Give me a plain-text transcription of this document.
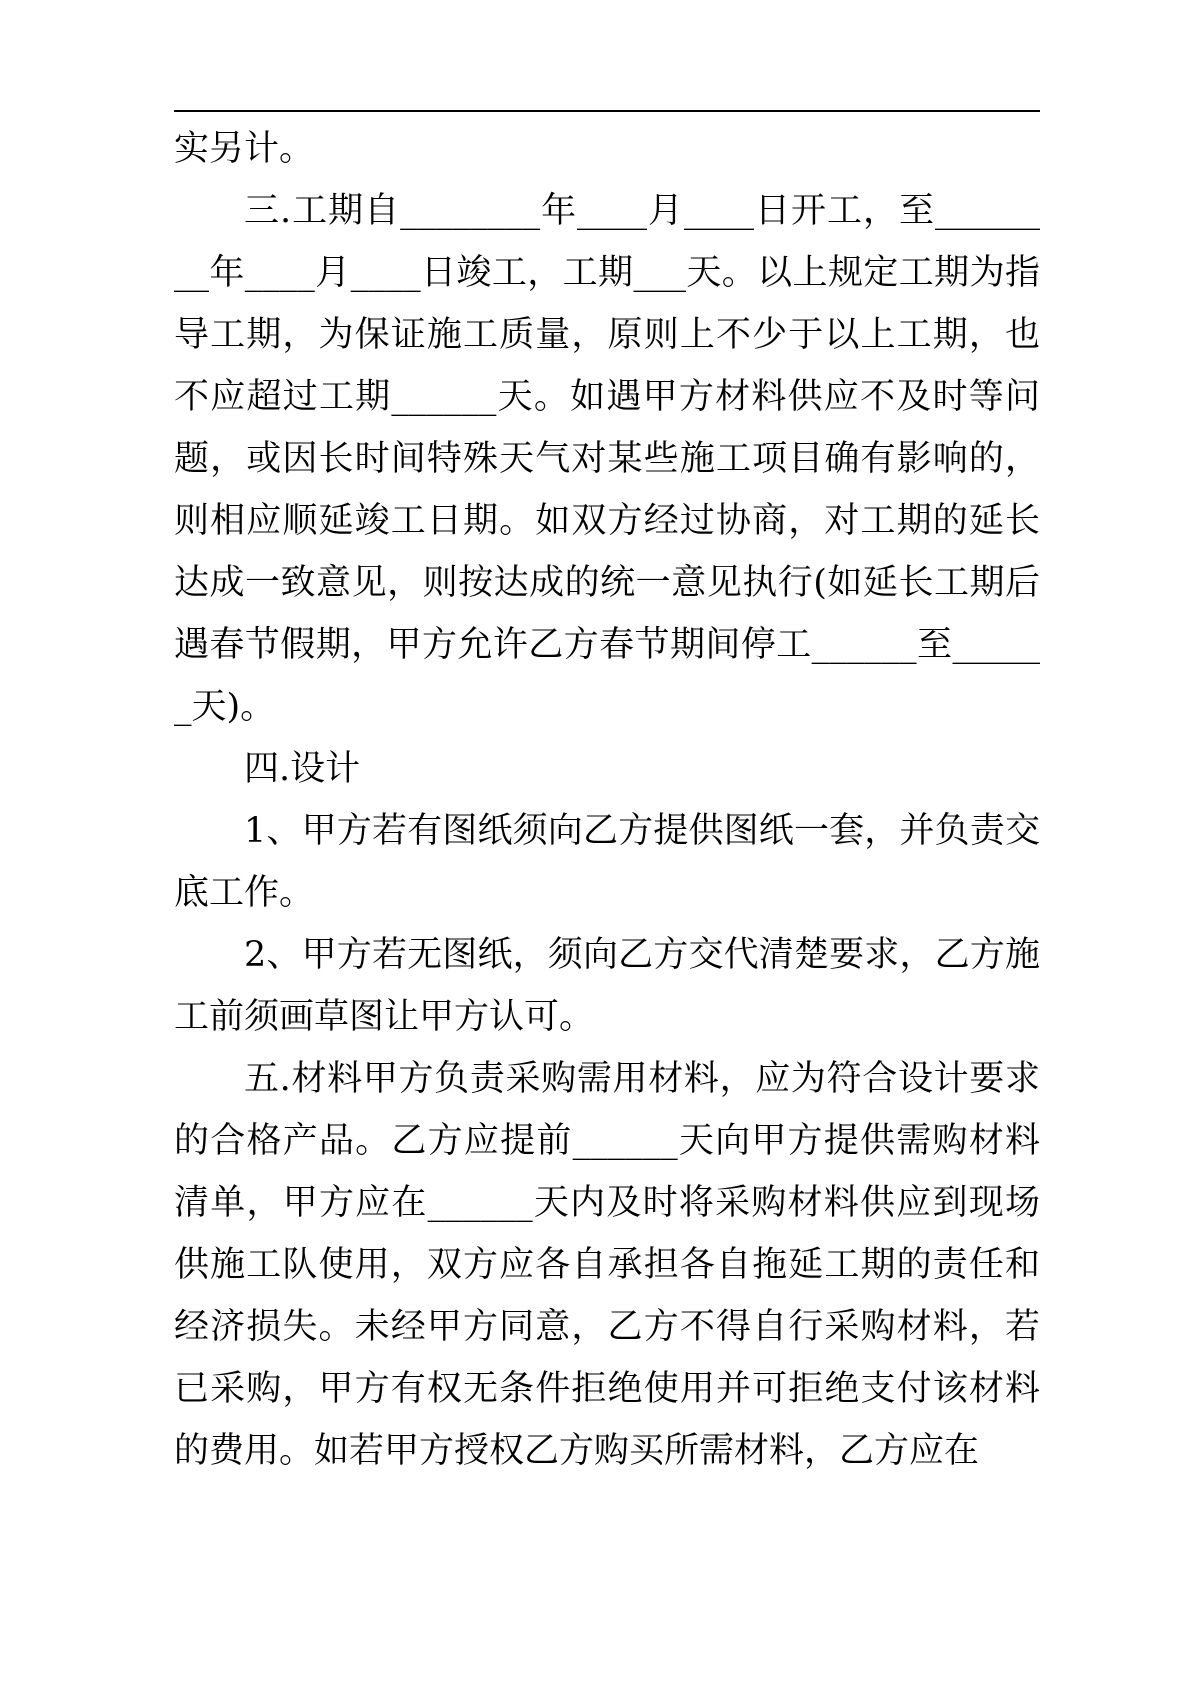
实另计。

三.工期自________年____月____日开工，至________年____月____日竣工，工期___天。以上规定工期为指导工期，为保证施工质量，原则上不少于以上工期，也不应超过工期______天。如遇甲方材料供应不及时等问题，或因长时间特殊天气对某些施工项目确有影响的，则相应顺延竣工日期。如双方经过协商，对工期的延长达成一致意见，则按达成的统一意见执行(如延长工期后遇春节假期，甲方允许乙方春节期间停工______至______天)。

四.设计

1、甲方若有图纸须向乙方提供图纸一套，并负责交底工作。

2、甲方若无图纸，须向乙方交代清楚要求，乙方施工前须画草图让甲方认可。

五.材料甲方负责采购需用材料，应为符合设计要求的合格产品。乙方应提前______天向甲方提供需购材料清单，甲方应在______天内及时将采购材料供应到现场供施工队使用，双方应各自承担各自拖延工期的责任和经济损失。未经甲方同意，乙方不得自行采购材料，若已采购，甲方有权无条件拒绝使用并可拒绝支付该材料的费用。如若甲方授权乙方购买所需材料，乙方应在
